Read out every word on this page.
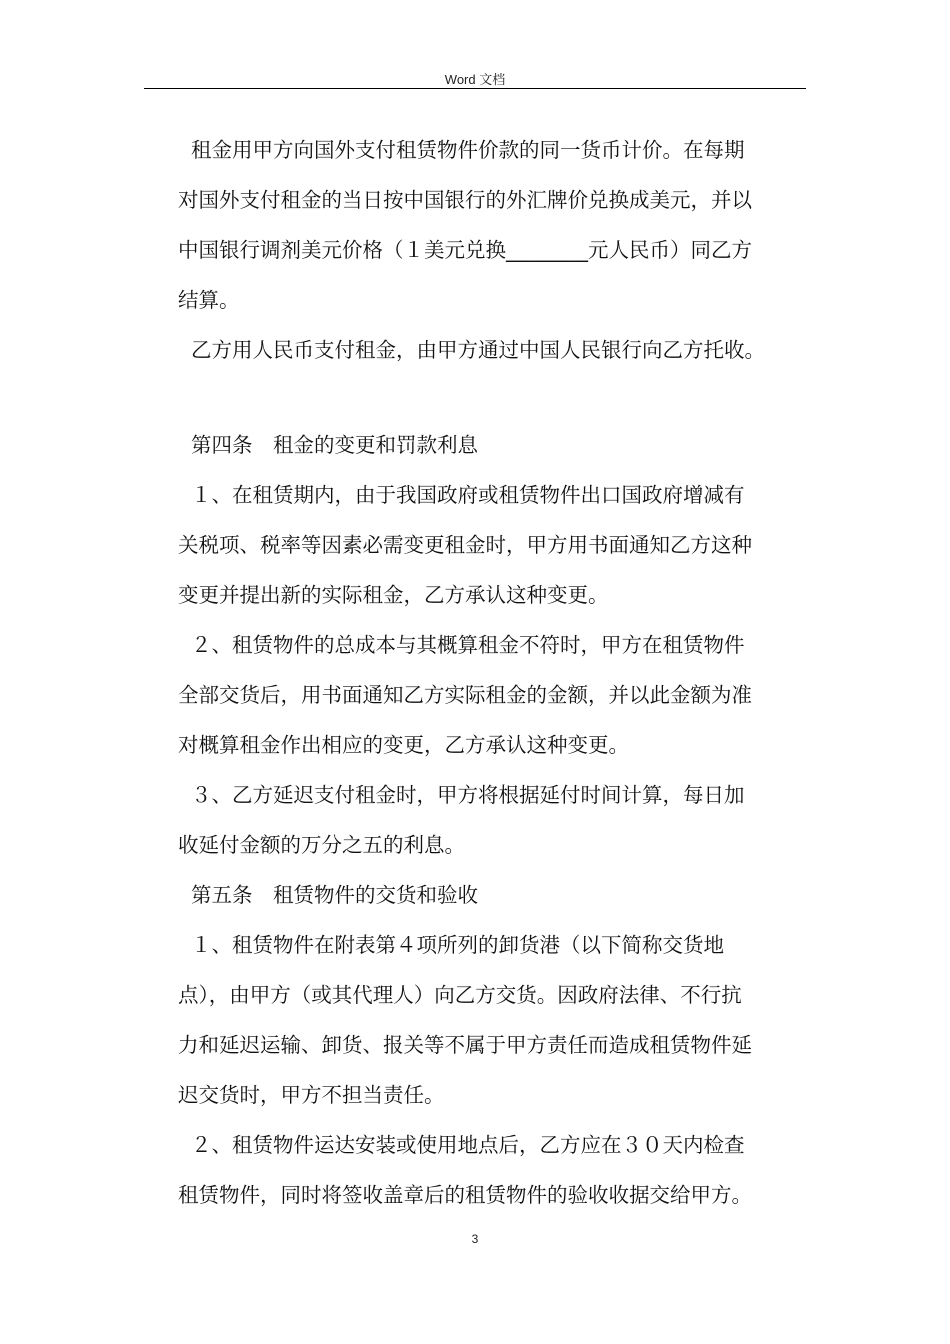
Word 文档
租金用甲方向国外支付租赁物件价款的同一货币计价。在每期
对国外支付租金的当日按中国银行的外汇牌价兑换成美元，并以
中国银行调剂美元价格（１美元兑换________元人民币）同乙方
结算。
乙方用人民币支付租金，由甲方通过中国人民银行向乙方托收。
第四条　租金的变更和罚款利息
１、在租赁期内，由于我国政府或租赁物件出口国政府增减有
关税项、税率等因素必需变更租金时，甲方用书面通知乙方这种
变更并提出新的实际租金，乙方承认这种变更。
２、租赁物件的总成本与其概算租金不符时，甲方在租赁物件
全部交货后，用书面通知乙方实际租金的金额，并以此金额为准
对概算租金作出相应的变更，乙方承认这种变更。
３、乙方延迟支付租金时，甲方将根据延付时间计算，每日加
收延付金额的万分之五的利息。
第五条　租赁物件的交货和验收
１、租赁物件在附表第４项所列的卸货港（以下简称交货地
点），由甲方（或其代理人）向乙方交货。因政府法律、不行抗
力和延迟运输、卸货、报关等不属于甲方责任而造成租赁物件延
迟交货时，甲方不担当责任。
２、租赁物件运达安装或使用地点后，乙方应在３０天内检查
租赁物件，同时将签收盖章后的租赁物件的验收收据交给甲方。
3
